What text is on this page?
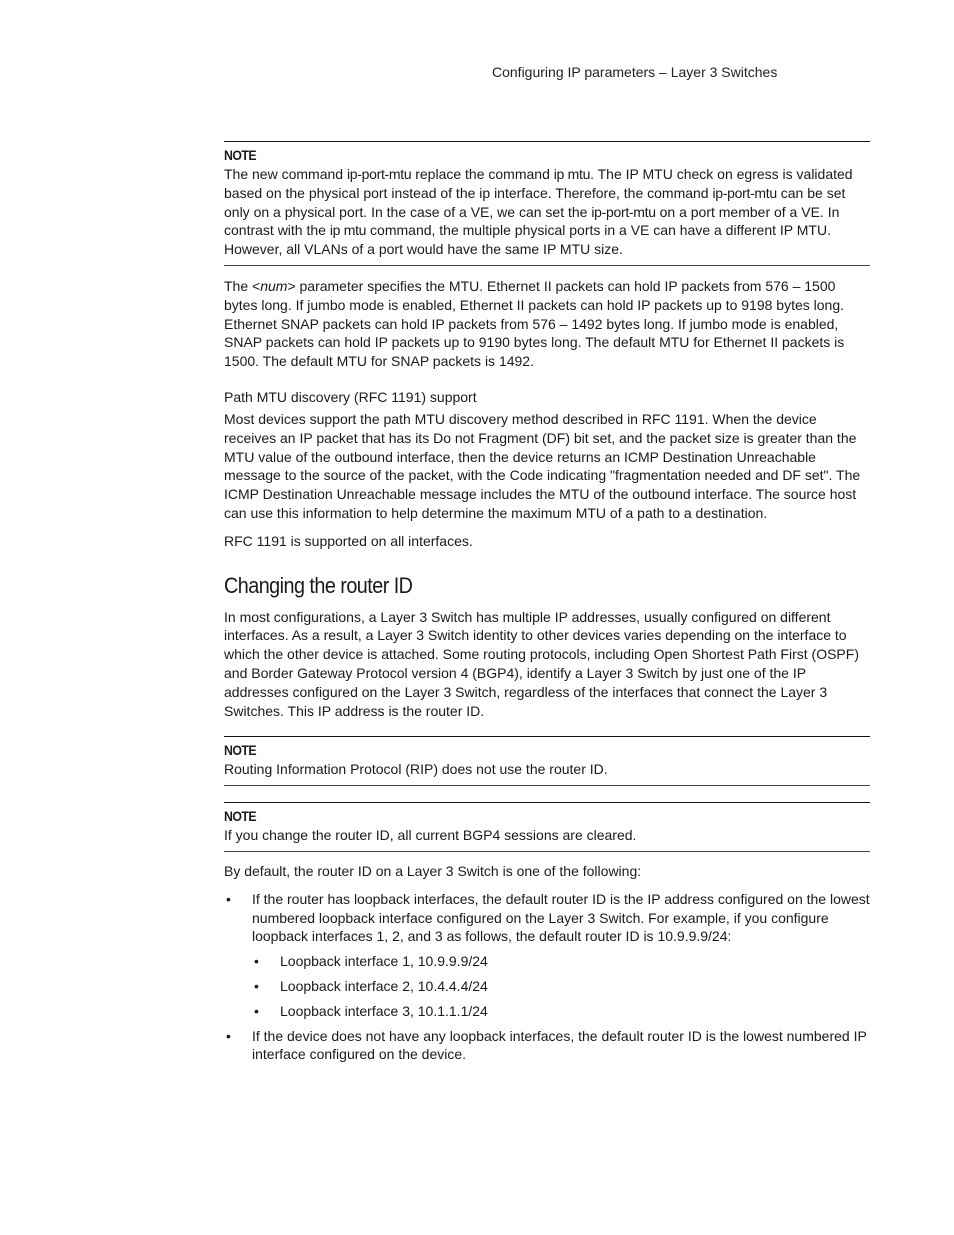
Configuring IP parameters – Layer 3 Switches
NOTE
The new command ip-port-mtu replace the command ip mtu. The IP MTU check on egress is validated based on the physical port instead of the ip interface. Therefore, the command ip-port-mtu can be set only on a physical port. In the case of a VE, we can set the ip-port-mtu on a port member of a VE. In contrast with the ip mtu command, the multiple physical ports in a VE can have a different IP MTU. However, all VLANs of a port would have the same IP MTU size.

The <num> parameter specifies the MTU. Ethernet II packets can hold IP packets from 576 – 1500 bytes long. If jumbo mode is enabled, Ethernet II packets can hold IP packets up to 9198 bytes long. Ethernet SNAP packets can hold IP packets from 576 – 1492 bytes long. If jumbo mode is enabled, SNAP packets can hold IP packets up to 9190 bytes long. The default MTU for Ethernet II packets is 1500. The default MTU for SNAP packets is 1492.

Path MTU discovery (RFC 1191) support

Most devices support the path MTU discovery method described in RFC 1191. When the device receives an IP packet that has its Do not Fragment (DF) bit set, and the packet size is greater than the MTU value of the outbound interface, then the device returns an ICMP Destination Unreachable message to the source of the packet, with the Code indicating "fragmentation needed and DF set". The ICMP Destination Unreachable message includes the MTU of the outbound interface. The source host can use this information to help determine the maximum MTU of a path to a destination.

RFC 1191 is supported on all interfaces.

Changing the router ID

In most configurations, a Layer 3 Switch has multiple IP addresses, usually configured on different interfaces. As a result, a Layer 3 Switch identity to other devices varies depending on the interface to which the other device is attached. Some routing protocols, including Open Shortest Path First (OSPF) and Border Gateway Protocol version 4 (BGP4), identify a Layer 3 Switch by just one of the IP addresses configured on the Layer 3 Switch, regardless of the interfaces that connect the Layer 3 Switches. This IP address is the router ID.

NOTE
Routing Information Protocol (RIP) does not use the router ID.
NOTE
If you change the router ID, all current BGP4 sessions are cleared.

By default, the router ID on a Layer 3 Switch is one of the following:

• If the router has loopback interfaces, the default router ID is the IP address configured on the lowest numbered loopback interface configured on the Layer 3 Switch. For example, if you configure loopback interfaces 1, 2, and 3 as follows, the default router ID is 10.9.9.9/24:
• Loopback interface 1, 10.9.9.9/24
• Loopback interface 2, 10.4.4.4/24
• Loopback interface 3, 10.1.1.1/24
• If the device does not have any loopback interfaces, the default router ID is the lowest numbered IP interface configured on the device.
